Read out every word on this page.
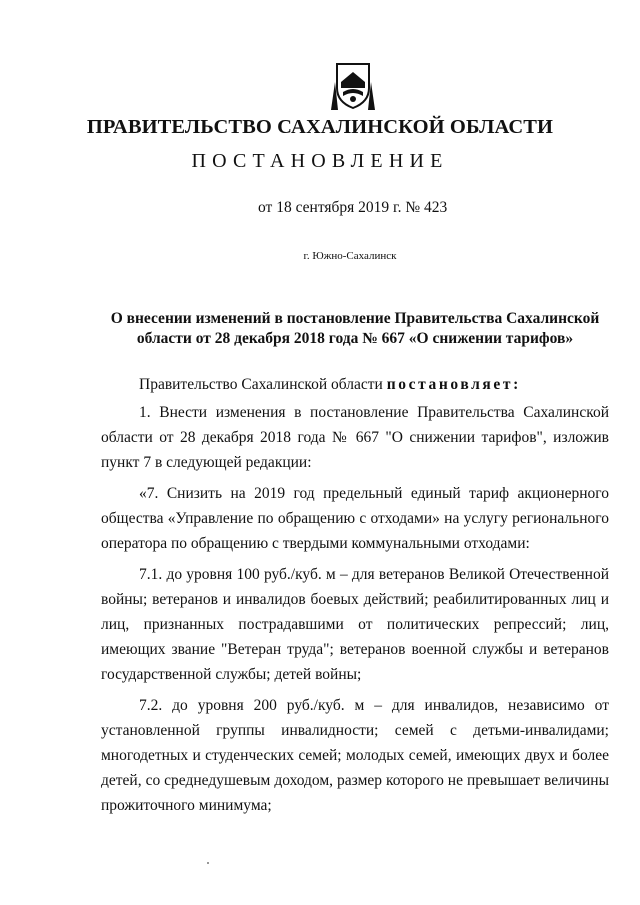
ПРАВИТЕЛЬСТВО САХАЛИНСКОЙ ОБЛАСТИ
ПОСТАНОВЛЕНИЕ
от 18 сентября 2019 г. № 423
г. Южно-Сахалинск
О внесении изменений в постановление Правительства Сахалинской
области от 28 декабря 2018 года № 667 «О снижении тарифов»

Правительство Сахалинской области постановляет:

1. Внести изменения в постановление Правительства Сахалинской области от 28 декабря 2018 года № 667 "О снижении тарифов", изложив пункт 7 в следующей редакции:

«7. Снизить на 2019 год предельный единый тариф акционерного общества «Управление по обращению с отходами» на услугу регионального оператора по обращению с твердыми коммунальными отходами:

7.1. до уровня 100 руб./куб. м – для ветеранов Великой Отечественной войны; ветеранов и инвалидов боевых действий; реабилитированных лиц и лиц, признанных пострадавшими от политических репрессий; лиц, имеющих звание "Ветеран труда"; ветеранов военной службы и ветеранов государственной службы; детей войны;

7.2. до уровня 200 руб./куб. м – для инвалидов, независимо от установленной группы инвалидности; семей с детьми-инвалидами; многодетных и студенческих семей; молодых семей, имеющих двух и более детей, со среднедушевым доходом, размер которого не превышает величины прожиточного минимума;
